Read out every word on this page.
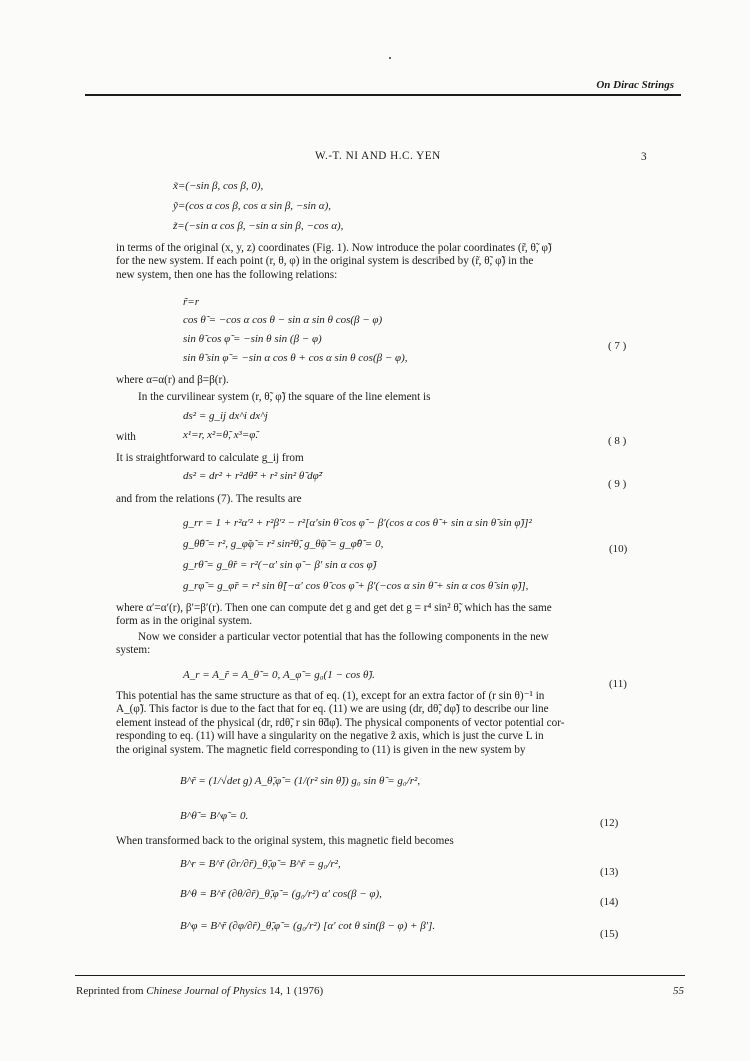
On Dirac Strings
W.-T. NI AND H.C. YEN	3
x̃=(−sin β, cos β, 0),
ỹ=(cos α cos β, cos α sin β, −sin α),
z̃=(−sin α cos β, −sin α sin β, −cos α),
in terms of the original (x, y, z) coordinates (Fig. 1). Now introduce the polar coordinates (r̃, θ̃, φ̃)
for the new system. If each point (r, θ, φ) in the original system is described by (r̃, θ̃, φ̃) in the
new system, then one has the following relations:
r̃=r
cos θ̃ = −cos α cos θ − sin α sin θ cos(β − φ)
sin θ̃ cos φ̃ = −sin θ sin (β − φ)
sin θ̃ sin φ̃ = −sin α cos θ + cos α sin θ cos(β − φ),
( 7 )
where α=α(r) and β=β(r).
In the curvilinear system (r, θ̃, φ̃) the square of the line element is
ds² = g_ij dx^i dx^j
with	x¹=r, x²=θ̃, x³=φ̃.	( 8 )
It is straightforward to calculate g_ij from
ds² = dr² + r²dθ̃² + r² sin² θ̃ dφ̃²
( 9 )
and from the relations (7). The results are
g_rr = 1 + r²α′² + r²β′² − r²[α′sin θ̃ cos φ̃ − β′(cos α cos θ̃ + sin α sin θ̃ sin φ̃)]²
g_θ̃θ̃ = r², g_φ̃φ̃ = r² sin²θ̃, g_θ̃φ̃ = g_φ̃θ̃ = 0,
g_rθ̃ = g_θ̃r = r²(−α′ sin φ̃ − β′ sin α cos φ̃)
g_rφ̃ = g_φ̃r = r² sin θ̃[−α′ cos θ̃ cos φ̃ + β′(−cos α sin θ̃ + sin α cos θ̃ sin φ̃)],
(10)
where α′=α′(r), β′=β′(r). Then one can compute det g and get det g = r⁴ sin² θ̃, which has the same
form as in the original system.
Now we consider a particular vector potential that has the following components in the new
system:
A_r = A_r̃ = A_θ̃ = 0, A_φ̃ = g₀(1 − cos θ̃).
(11)
This potential has the same structure as that of eq. (1), except for an extra factor of (r sin θ)⁻¹ in
A_(φ̃). This factor is due to the fact that for eq. (11) we are using (dr, dθ̃, dφ̃) to describe our line
element instead of the physical (dr, rdθ̃, r sin θ̃dφ̃). The physical components of vector potential cor-
responding to eq. (11) will have a singularity on the negative z̃ axis, which is just the curve L in
the original system. The magnetic field corresponding to (11) is given in the new system by
B^r̃ = (1/√det g) A_θ̃,φ̃ = (1/(r² sin θ̃)) g₀ sin θ̃ = g₀/r²,
B^θ̃ = B^φ̃ = 0.
(12)
When transformed back to the original system, this magnetic field becomes
B^r = B^r̃ (∂r/∂r̃)_θ̃,φ̃ = B^r̃ = g₀/r²,
(13)
B^θ = B^r̃ (∂θ/∂r̃)_θ̃,φ̃ = (g₀/r²) α′ cos(β − φ),
(14)
B^φ = B^r̃ (∂φ/∂r̃)_θ̃,φ̃ = (g₀/r²) [α′ cot θ sin(β − φ) + β′].
(15)
Reprinted from Chinese Journal of Physics 14, 1 (1976)	55
